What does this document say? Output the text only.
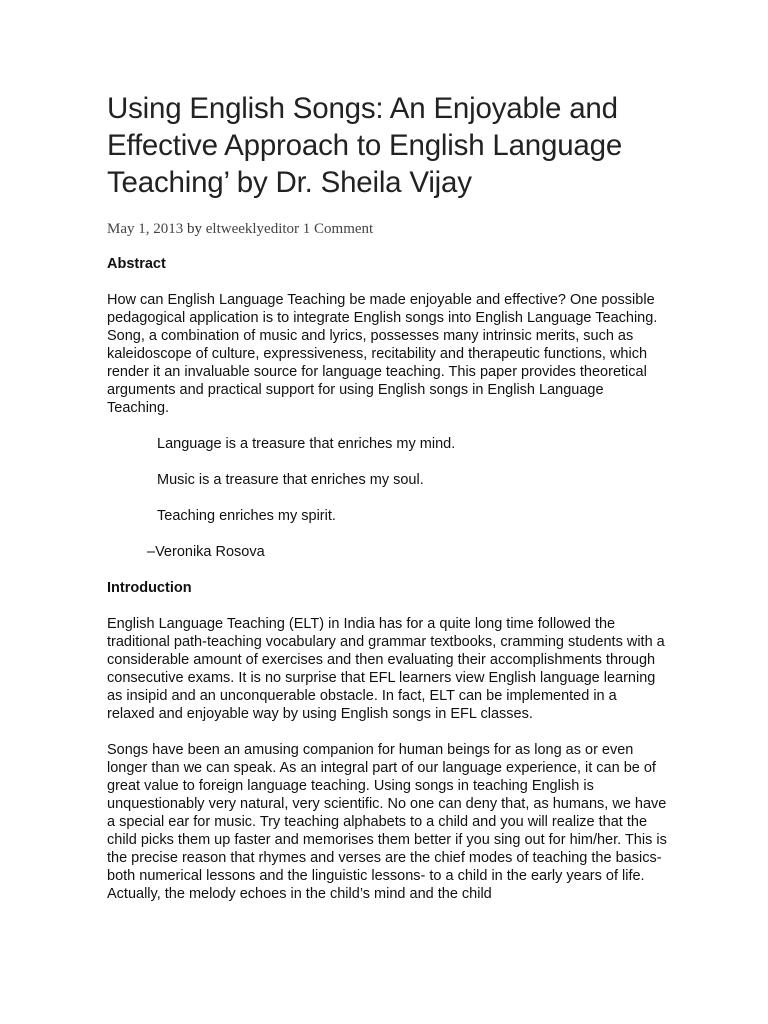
Using English Songs: An Enjoyable and Effective Approach to English Language Teaching’ by Dr. Sheila Vijay
May 1, 2013 by eltweeklyeditor 1 Comment

Abstract

How can English Language Teaching be made enjoyable and effective? One possible pedagogical application is to integrate English songs into English Language Teaching. Song, a combination of music and lyrics, possesses many intrinsic merits, such as kaleidoscope of culture, expressiveness, recitability and therapeutic functions, which render it an invaluable source for language teaching. This paper provides theoretical arguments and practical support for using English songs in English Language Teaching.

Language is a treasure that enriches my mind.

Music is a treasure that enriches my soul.

Teaching enriches my spirit.

–Veronika Rosova

Introduction

English Language Teaching (ELT) in India has for a quite long time followed the traditional path-teaching vocabulary and grammar textbooks, cramming students with a considerable amount of exercises and then evaluating their accomplishments through consecutive exams. It is no surprise that EFL learners view English language learning as insipid and an unconquerable obstacle. In fact, ELT can be implemented in a relaxed and enjoyable way by using English songs in EFL classes.

Songs have been an amusing companion for human beings for as long as or even longer than we can speak. As an integral part of our language experience, it can be of great value to foreign language teaching. Using songs in teaching English is unquestionably very natural, very scientific. No one can deny that, as humans, we have a special ear for music. Try teaching alphabets to a child and you will realize that the child picks them up faster and memorises them better if you sing out for him/her. This is the precise reason that rhymes and verses are the chief modes of teaching the basics-both numerical lessons and the linguistic lessons- to a child in the early years of life. Actually, the melody echoes in the child’s mind and the child
